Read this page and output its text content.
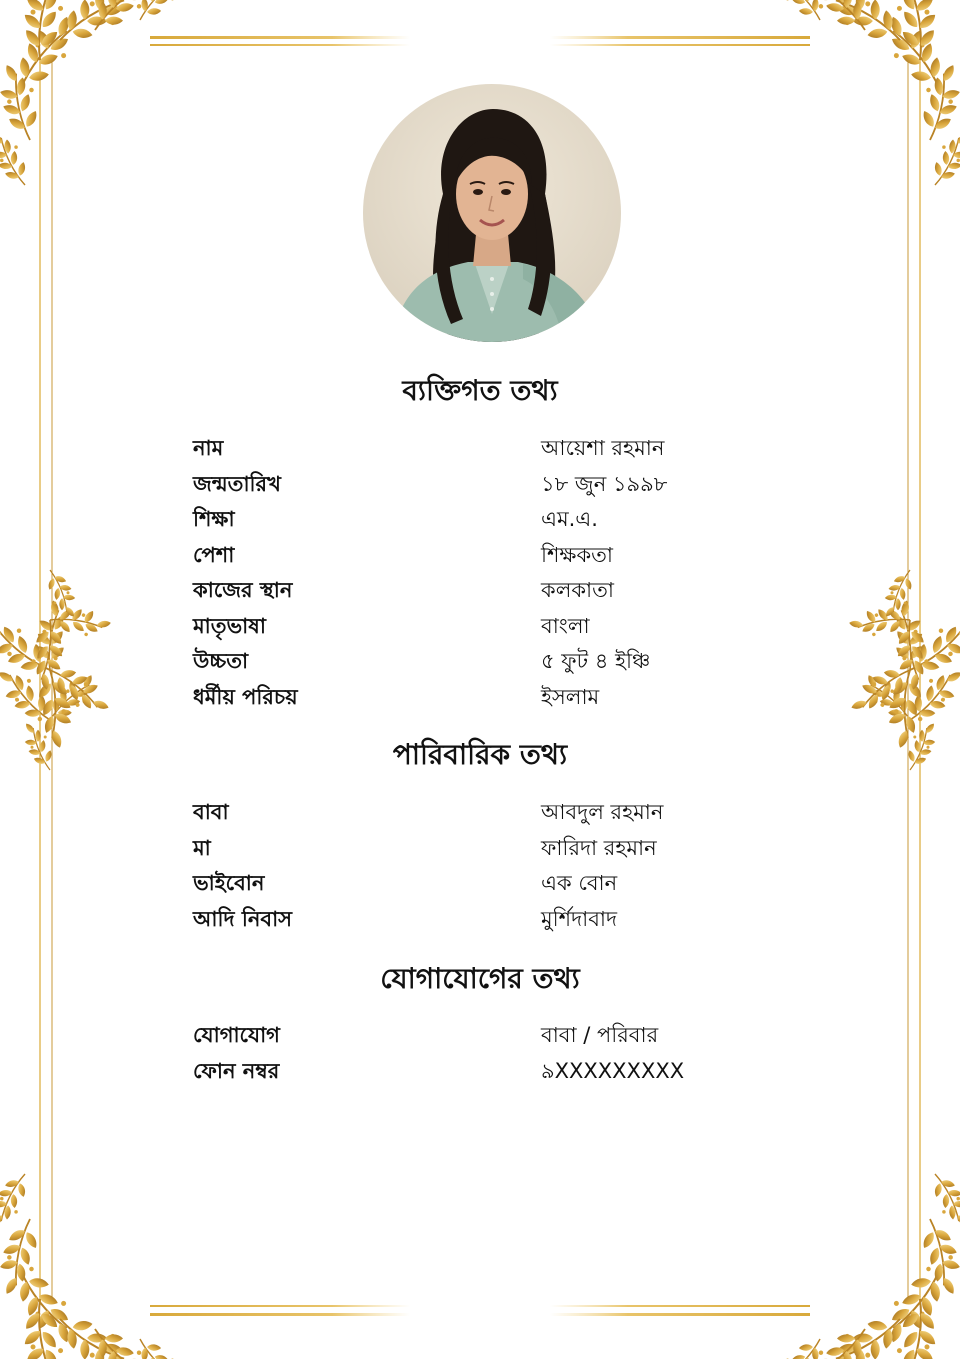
ব্যক্তিগত তথ্য
নাম	আয়েশা রহমান
জন্মতারিখ	১৮ জুন ১৯৯৮
শিক্ষা	এম.এ.
পেশা	শিক্ষকতা
কাজের স্থান	কলকাতা
মাতৃভাষা	বাংলা
উচ্চতা	৫ ফুট ৪ ইঞ্চি
ধর্মীয় পরিচয়	ইসলাম
পারিবারিক তথ্য
বাবা	আবদুল রহমান
মা	ফারিদা রহমান
ভাইবোন	এক বোন
আদি নিবাস	মুর্শিদাবাদ
যোগাযোগের তথ্য
যোগাযোগ	বাবা / পরিবার
ফোন নম্বর	৯XXXXXXXXX
